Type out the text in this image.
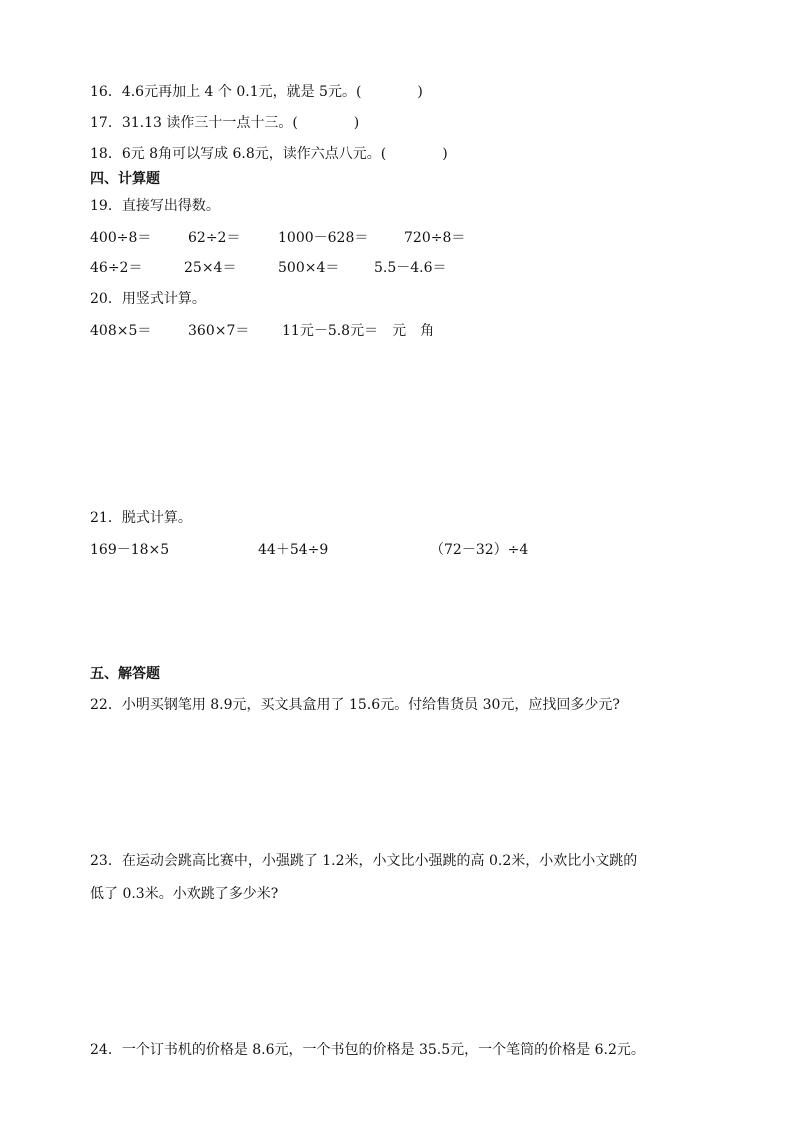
16．4.6元再加上 4 个 0.1元，就是 5元。(　　　　)
17．31.13 读作三十一点十三。(　　　　)
18．6元 8角可以写成 6.8元，读作六点八元。(　　　　)
四、计算题
19．直接写出得数。
400÷8＝	62÷2＝	1000－628＝	720÷8＝
46÷2＝	25×4＝	500×4＝ 5.5－4.6＝
20．用竖式计算。
408×5＝	360×7＝ 11元－5.8元＝　元　角
21．脱式计算。
169－18×5	44＋54÷9	（72－32）÷4
五、解答题
22．小明买钢笔用 8.9元，买文具盒用了 15.6元。付给售货员 30元，应找回多少元?
23．在运动会跳高比赛中，小强跳了 1.2米，小文比小强跳的高 0.2米，小欢比小文跳的
低了 0.3米。小欢跳了多少米?
24．一个订书机的价格是 8.6元，一个书包的价格是 35.5元，一个笔筒的价格是 6.2元。
